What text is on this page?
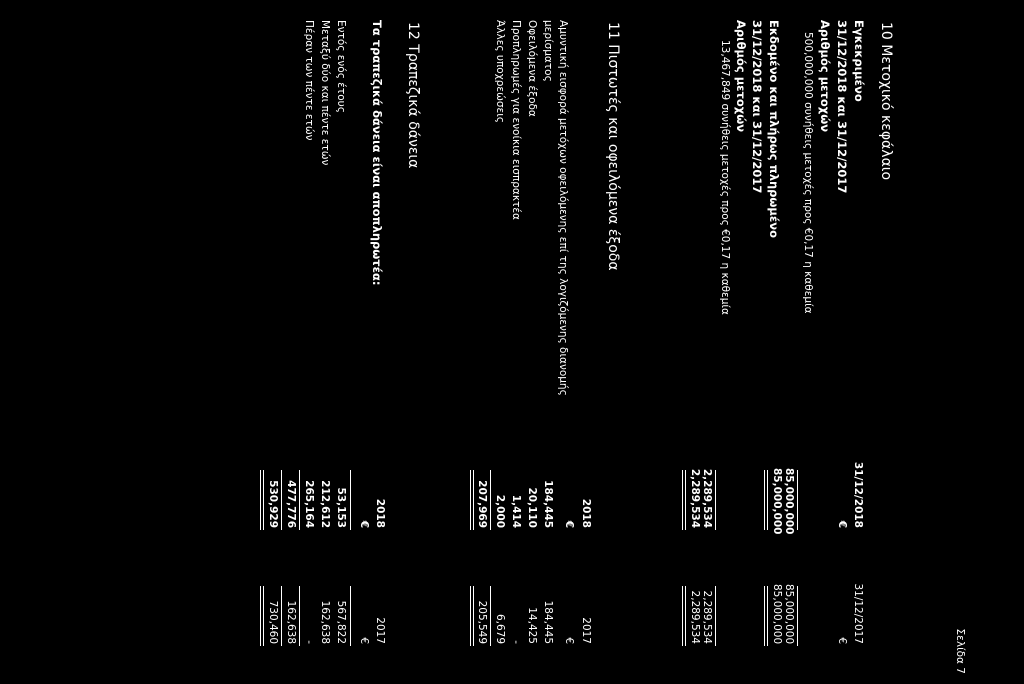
Σελίδα 7
10 Μετοχικό κεφάλαιο
31/12/2018
31/12/2017
€
€
Εγκεκριμένο
31/12/2018 και 31/12/2017
Αριθμός μετοχών
500,000,000 συνήθεις μετοχές προς €0,17 η καθεμία
85,000,000
85,000,000
85,000,000
85,000,000
Εκδομένο και πλήρως πληρωμένο
31/12/2018 και 31/12/2017
Αριθμός μετοχών
13,467,849 συνήθεις μετοχές προς €0,17 η καθεμία
2,289,534
2,289,534
2,289,534
2,289,534
11 Πιστωτές και οφειλόμενα έξοδα
2018
2017
€
€
Αμυντική εισφορά μετόχων οφειλόμενης επί της λογιζόμενης διανομής
μερίσματος
184,445
184,445
Οφειλόμενα έξοδα
20,110
14,425
Προπληρωμές για ενοίκια εισπρακτέα
1,414
-
Άλλες υποχρεώσεις
2,000
6,679
207,969
205,549
12 Τραπεζικά δάνεια
Τα τραπεζικά δάνεια είναι αποπληρωτέα:
2018
2017
€
€
Εντός ενός έτους
53,153
567,822
Μεταξύ δύο και πέντε ετών
212,612
162,638
265,164
-
Πέραν των πέντε ετών
477,776
162,638
530,929
730,460
